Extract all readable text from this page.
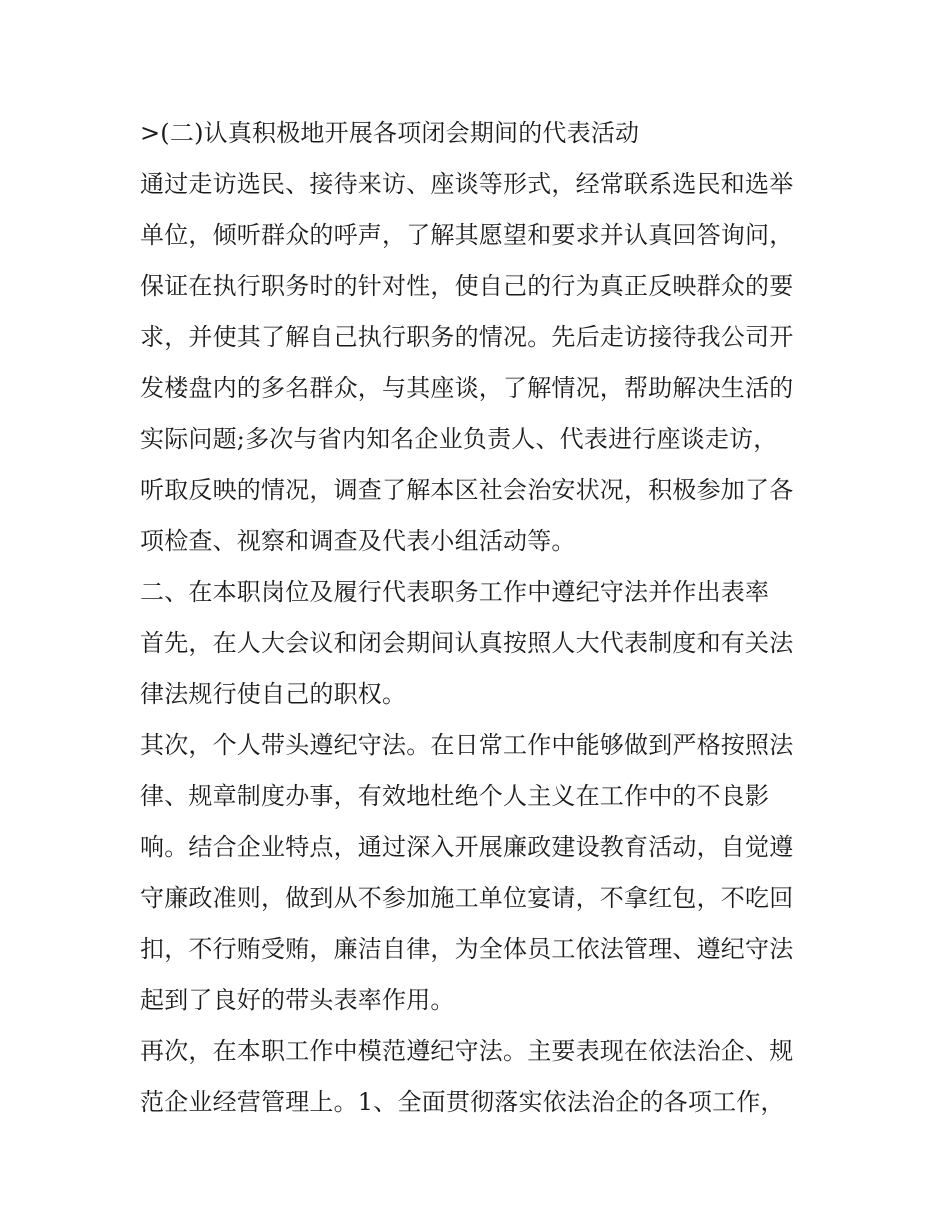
>(二)认真积极地开展各项闭会期间的代表活动
通过走访选民、接待来访、座谈等形式，经常联系选民和选举
单位，倾听群众的呼声，了解其愿望和要求并认真回答询问，
保证在执行职务时的针对性，使自己的行为真正反映群众的要
求，并使其了解自己执行职务的情况。先后走访接待我公司开
发楼盘内的多名群众，与其座谈，了解情况，帮助解决生活的
实际问题;多次与省内知名企业负责人、代表进行座谈走访，
听取反映的情况，调查了解本区社会治安状况，积极参加了各
项检查、视察和调查及代表小组活动等。
二、在本职岗位及履行代表职务工作中遵纪守法并作出表率
首先，在人大会议和闭会期间认真按照人大代表制度和有关法
律法规行使自己的职权。
其次，个人带头遵纪守法。在日常工作中能够做到严格按照法
律、规章制度办事，有效地杜绝个人主义在工作中的不良影
响。结合企业特点，通过深入开展廉政建设教育活动，自觉遵
守廉政准则，做到从不参加施工单位宴请，不拿红包，不吃回
扣，不行贿受贿，廉洁自律，为全体员工依法管理、遵纪守法
起到了良好的带头表率作用。
再次，在本职工作中模范遵纪守法。主要表现在依法治企、规
范企业经营管理上。1、全面贯彻落实依法治企的各项工作，
